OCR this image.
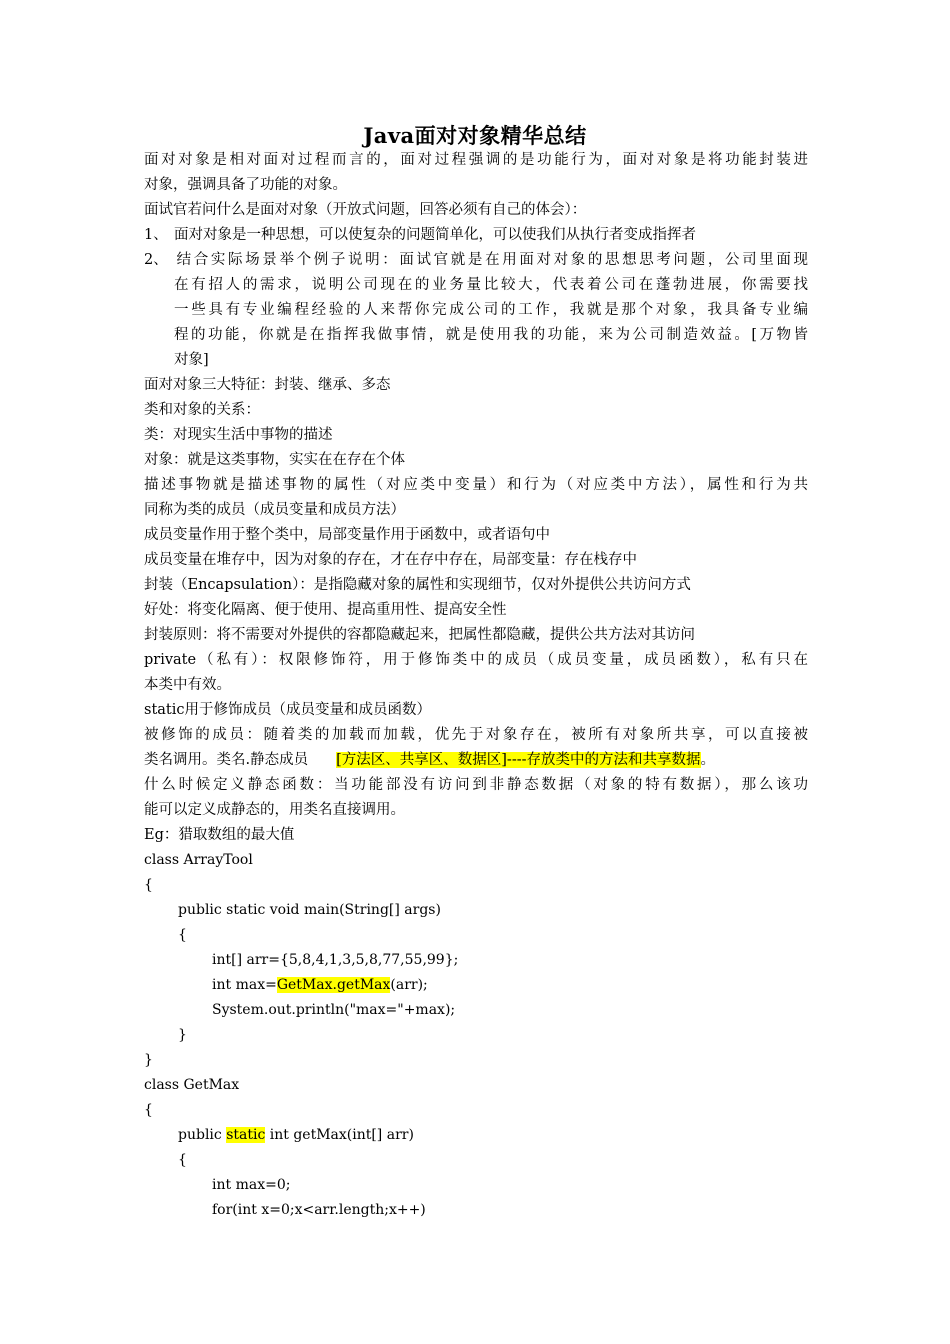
Java面对对象精华总结
面对对象是相对面对过程而言的，面对过程强调的是功能行为，面对对象是将功能封装进
对象，强调具备了功能的对象。
面试官若问什么是面对对象（开放式问题，回答必须有自己的体会）：
1、 面对对象是一种思想，可以使复杂的问题简单化，可以使我们从执行者变成指挥者
2、 结合实际场景举个例子说明：面试官就是在用面对对象的思想思考问题，公司里面现
在有招人的需求，说明公司现在的业务量比较大，代表着公司在蓬勃进展，你需要找
一些具有专业编程经验的人来帮你完成公司的工作，我就是那个对象，我具备专业编
程的功能，你就是在指挥我做事情，就是使用我的功能，来为公司制造效益。[万物皆
对象]
面对对象三大特征：封装、继承、多态
类和对象的关系：
类：对现实生活中事物的描述
对象：就是这类事物，实实在在存在个体
描述事物就是描述事物的属性（对应类中变量）和行为（对应类中方法），属性和行为共
同称为类的成员（成员变量和成员方法）
成员变量作用于整个类中，局部变量作用于函数中，或者语句中
成员变量在堆存中，因为对象的存在，才在存中存在，局部变量：存在栈存中
封装（Encapsulation）：是指隐藏对象的属性和实现细节，仅对外提供公共访问方式
好处：将变化隔离、便于使用、提高重用性、提高安全性
封装原则：将不需要对外提供的容都隐藏起来，把属性都隐藏，提供公共方法对其访问
private（私有）：权限修饰符，用于修饰类中的成员（成员变量，成员函数），私有只在
本类中有效。
static用于修饰成员（成员变量和成员函数）
被修饰的成员：随着类的加载而加载，优先于对象存在，被所有对象所共享，可以直接被
类名调用。类名.静态成员 [方法区、共享区、数据区]----存放类中的方法和共享数据。
什么时候定义静态函数：当功能部没有访问到非静态数据（对象的特有数据），那么该功
能可以定义成静态的，用类名直接调用。
Eg：猎取数组的最大值
class ArrayTool
{
public static void main(String[] args)
{
int[] arr={5,8,4,1,3,5,8,77,55,99};
int max=GetMax.getMax(arr);
System.out.println("max="+max);
}
}
class GetMax
{
public static int getMax(int[] arr)
{
int max=0;
for(int x=0;x<arr.length;x++)
